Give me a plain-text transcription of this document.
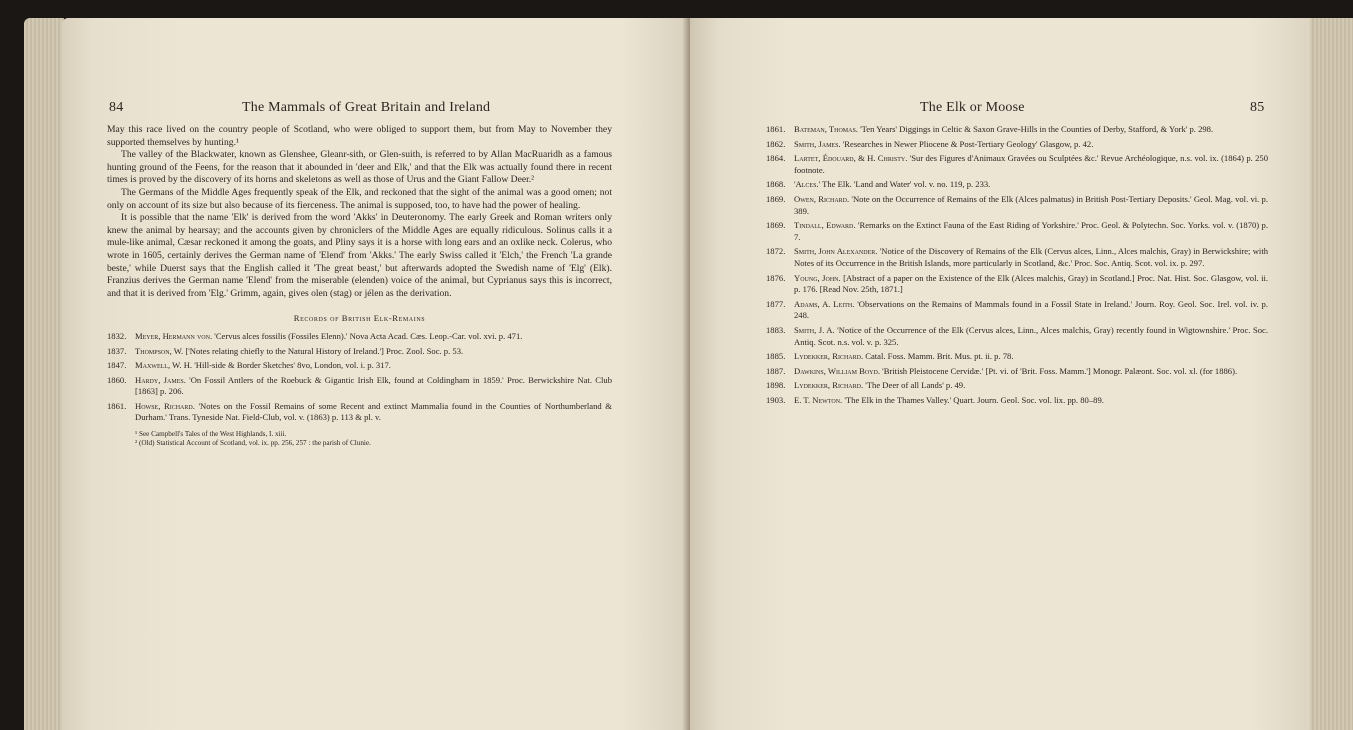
84	The Mammals of Great Britain and Ireland

May this race lived on the country people of Scotland, who were obliged to support them, but from May to November they supported themselves by hunting.¹

The valley of the Blackwater, known as Glenshee, Gleanr-sith, or Glen-suith, is referred to by Allan MacRuaridh as a famous hunting ground of the Feens, for the reason that it abounded in 'deer and Elk,' and that the Elk was actually found there in recent times is proved by the discovery of its horns and skeletons as well as those of Urus and the Giant Fallow Deer.²

The Germans of the Middle Ages frequently speak of the Elk, and reckoned that the sight of the animal was a good omen; not only on account of its size but also because of its fierceness. The animal is supposed, too, to have had the power of healing.

It is possible that the name 'Elk' is derived from the word 'Akks' in Deuteronomy. The early Greek and Roman writers only knew the animal by hearsay; and the accounts given by chroniclers of the Middle Ages are equally ridiculous. Solinus calls it a mule-like animal, Cæsar reckoned it among the goats, and Pliny says it is a horse with long ears and an oxlike neck. Colerus, who wrote in 1605, certainly derives the German name of 'Elend' from 'Akks.' The early Swiss called it 'Elch,' the French 'La grande beste,' while Duerst says that the English called it 'The great beast,' but afterwards adopted the Swedish name of 'Elg' (Elk). Franzius derives the German name 'Elend' from the miserable (elenden) voice of the animal, but Cyprianus says this is incorrect, and that it is derived from 'Elg.' Grimm, again, gives olen (stag) or jélen as the derivation.

Records of British Elk-Remains
1832. Meyer, Hermann von. 'Cervus alces fossilis (Fossiles Elenn).' Nova Acta Acad. Cæs. Leop.-Car. vol. xvi. p. 471.
1837. Thompson, W. ['Notes relating chiefly to the Natural History of Ireland.'] Proc. Zool. Soc. p. 53.
1847. Maxwell, W. H. 'Hill-side & Border Sketches' 8vo, London, vol. i. p. 317.
1860. Hardy, James. 'On Fossil Antlers of the Roebuck & Gigantic Irish Elk, found at Coldingham in 1859.' Proc. Berwickshire Nat. Club [1863] p. 206.
1861. Howse, Richard. 'Notes on the Fossil Remains of some Recent and extinct Mammalia found in the Counties of Northumberland & Durham.' Trans. Tyneside Nat. Field-Club, vol. v. (1863) p. 113 & pl. v.
¹ See Campbell's Tales of the West Highlands, I. xiii.
² (Old) Statistical Account of Scotland, vol. ix. pp. 256, 257 : the parish of Clunie.
The Elk or Moose	85
1861. Bateman, Thomas. 'Ten Years' Diggings in Celtic & Saxon Grave-Hills in the Counties of Derby, Stafford, & York' p. 298.
1862. Smith, James. 'Researches in Newer Pliocene & Post-Tertiary Geology' Glasgow, p. 42.
1864. Lartet, Édouard, & H. Christy. 'Sur des Figures d'Animaux Gravées ou Sculptées &c.' Revue Archéologique, n.s. vol. ix. (1864) p. 250 footnote.
1868. 'Alces.' The Elk. 'Land and Water' vol. v. no. 119, p. 233.
1869. Owen, Richard. 'Note on the Occurrence of Remains of the Elk (Alces palmatus) in British Post-Tertiary Deposits.' Geol. Mag. vol. vi. p. 389.
1869. Tindall, Edward. 'Remarks on the Extinct Fauna of the East Riding of Yorkshire.' Proc. Geol. & Polytechn. Soc. Yorks. vol. v. (1870) p. 7.
1872. Smith, John Alexander. 'Notice of the Discovery of Remains of the Elk (Cervus alces, Linn., Alces malchis, Gray) in Berwickshire; with Notes of its Occurrence in the British Islands, more particularly in Scotland, &c.' Proc. Soc. Antiq. Scot. vol. ix. p. 297.
1876. Young, John. [Abstract of a paper on the Existence of the Elk (Alces malchis, Gray) in Scotland.] Proc. Nat. Hist. Soc. Glasgow, vol. ii. p. 176. [Read Nov. 25th, 1871.]
1877. Adams, A. Leith. 'Observations on the Remains of Mammals found in a Fossil State in Ireland.' Journ. Roy. Geol. Soc. Irel. vol. iv. p. 248.
1883. Smith, J. A. 'Notice of the Occurrence of the Elk (Cervus alces, Linn., Alces malchis, Gray) recently found in Wigtownshire.' Proc. Soc. Antiq. Scot. n.s. vol. v. p. 325.
1885. Lydekker, Richard. Catal. Foss. Mamm. Brit. Mus. pt. ii. p. 78.
1887. Dawkins, William Boyd. 'British Pleistocene Cervidæ.' [Pt. vi. of 'Brit. Foss. Mamm.'] Monogr. Palæont. Soc. vol. xl. (for 1886).
1898. Lydekker, Richard. 'The Deer of all Lands' p. 49.
1903. E. T. Newton. 'The Elk in the Thames Valley.' Quart. Journ. Geol. Soc. vol. lix. pp. 80–89.
